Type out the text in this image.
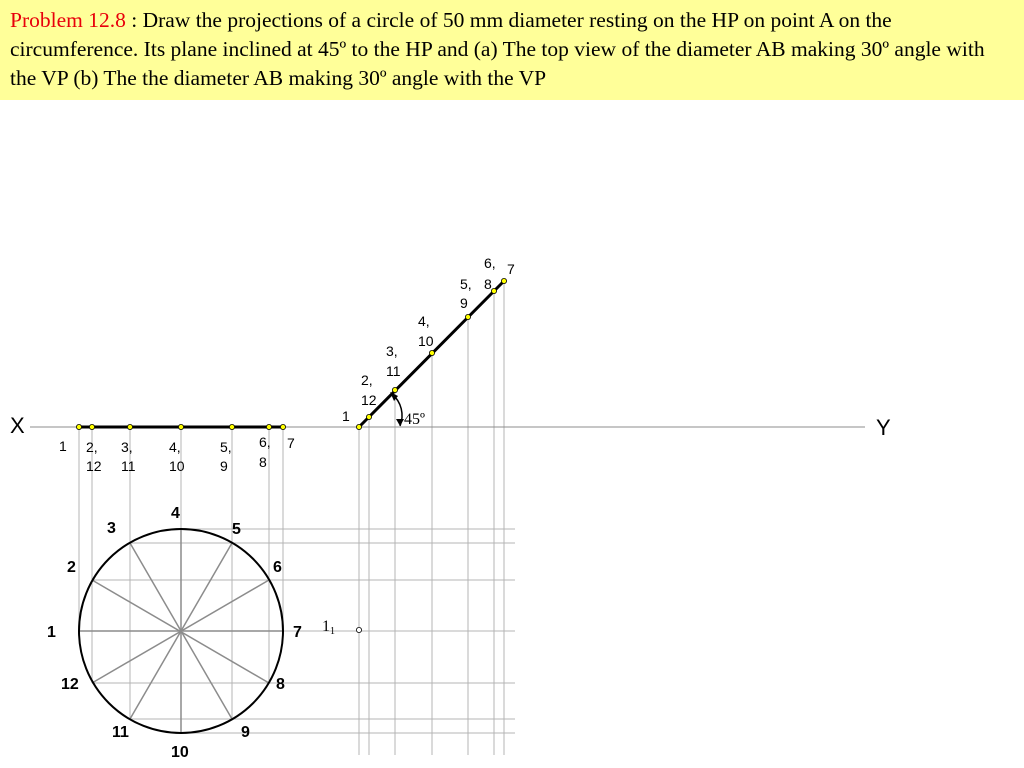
Problem 12.8 : Draw the projections of a circle of 50 mm diameter resting on the HP on point A on the circumference. Its plane inclined at 45º to the HP and (a) The top view of the diameter AB making 30º angle with the VP (b) The the diameter AB making 30º angle with the VP
X	Y
11
45º
1 2,
12
3,
11
4,
10
5,
9
6,
8
7
1
2,
12
3,
11
4,
10
5,
9
6,
8
7
1
2
3
4
5
6
7
8
9
10
11
12
